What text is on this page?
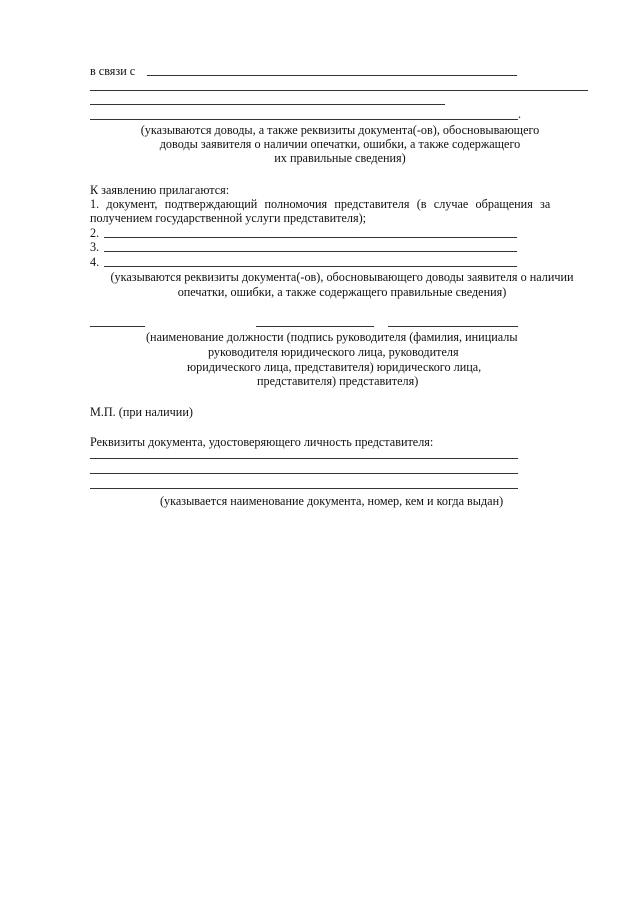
в связи с
.
(указываются доводы, а также реквизиты документа(-ов), обосновывающего
доводы заявителя о наличии опечатки, ошибки, а также содержащего
их правильные сведения)
К заявлению прилагаются:
1. документ, подтверждающий полномочия представителя (в случае обращения за
получением государственной услуги представителя);
2.
3.
4.
(указываются реквизиты документа(-ов), обосновывающего доводы заявителя о наличии
опечатки, ошибки, а также содержащего правильные сведения)
(наименование должности (подпись руководителя (фамилия, инициалы
руководителя юридического лица, руководителя
юридического лица, представителя) юридического лица,
представителя) представителя)
М.П. (при наличии)
Реквизиты документа, удостоверяющего личность представителя:
(указывается наименование документа, номер, кем и когда выдан)
